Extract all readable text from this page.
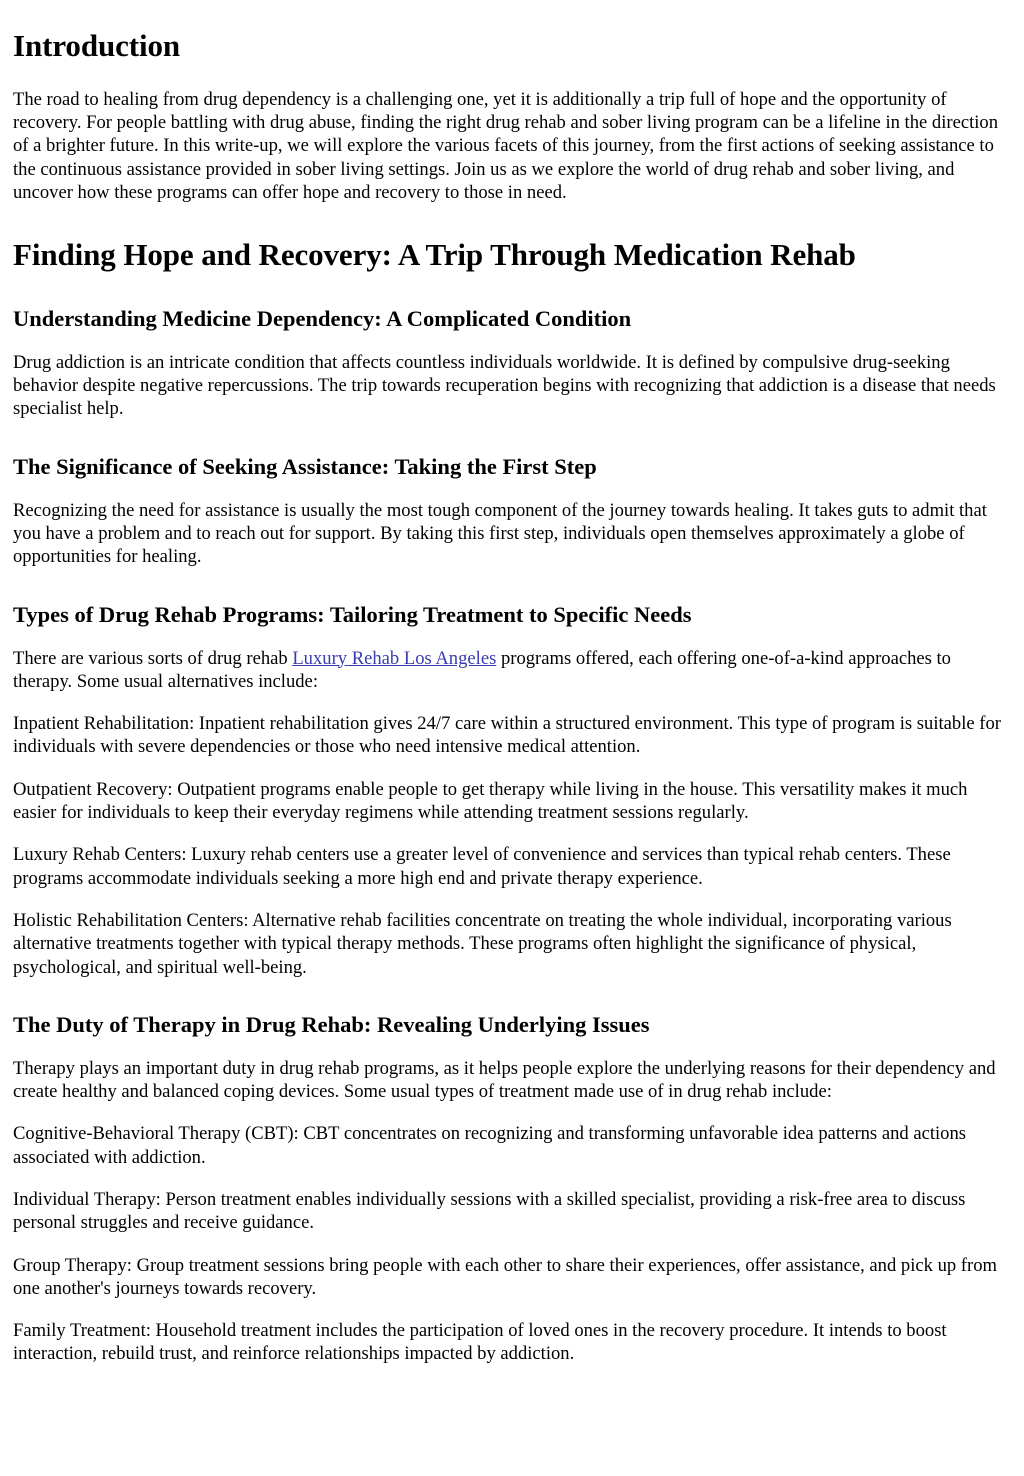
Introduction

The road to healing from drug dependency is a challenging one, yet it is additionally a trip full of hope and the opportunity of recovery. For people battling with drug abuse, finding the right drug rehab and sober living program can be a lifeline in the direction of a brighter future. In this write-up, we will explore the various facets of this journey, from the first actions of seeking assistance to the continuous assistance provided in sober living settings. Join us as we explore the world of drug rehab and sober living, and uncover how these programs can offer hope and recovery to those in need.

Finding Hope and Recovery: A Trip Through Medication Rehab
Understanding Medicine Dependency: A Complicated Condition

Drug addiction is an intricate condition that affects countless individuals worldwide. It is defined by compulsive drug-seeking behavior despite negative repercussions. The trip towards recuperation begins with recognizing that addiction is a disease that needs specialist help.

The Significance of Seeking Assistance: Taking the First Step

Recognizing the need for assistance is usually the most tough component of the journey towards healing. It takes guts to admit that you have a problem and to reach out for support. By taking this first step, individuals open themselves approximately a globe of opportunities for healing.

Types of Drug Rehab Programs: Tailoring Treatment to Specific Needs

There are various sorts of drug rehab Luxury Rehab Los Angeles programs offered, each offering one-of-a-kind approaches to therapy. Some usual alternatives include:

Inpatient Rehabilitation: Inpatient rehabilitation gives 24/7 care within a structured environment. This type of program is suitable for individuals with severe dependencies or those who need intensive medical attention.

Outpatient Recovery: Outpatient programs enable people to get therapy while living in the house. This versatility makes it much easier for individuals to keep their everyday regimens while attending treatment sessions regularly.

Luxury Rehab Centers: Luxury rehab centers use a greater level of convenience and services than typical rehab centers. These programs accommodate individuals seeking a more high end and private therapy experience.

Holistic Rehabilitation Centers: Alternative rehab facilities concentrate on treating the whole individual, incorporating various alternative treatments together with typical therapy methods. These programs often highlight the significance of physical, psychological, and spiritual well-being.

The Duty of Therapy in Drug Rehab: Revealing Underlying Issues

Therapy plays an important duty in drug rehab programs, as it helps people explore the underlying reasons for their dependency and create healthy and balanced coping devices. Some usual types of treatment made use of in drug rehab include:

Cognitive-Behavioral Therapy (CBT): CBT concentrates on recognizing and transforming unfavorable idea patterns and actions associated with addiction.

Individual Therapy: Person treatment enables individually sessions with a skilled specialist, providing a risk-free area to discuss personal struggles and receive guidance.

Group Therapy: Group treatment sessions bring people with each other to share their experiences, offer assistance, and pick up from one another's journeys towards recovery.

Family Treatment: Household treatment includes the participation of loved ones in the recovery procedure. It intends to boost interaction, rebuild trust, and reinforce relationships impacted by addiction.
